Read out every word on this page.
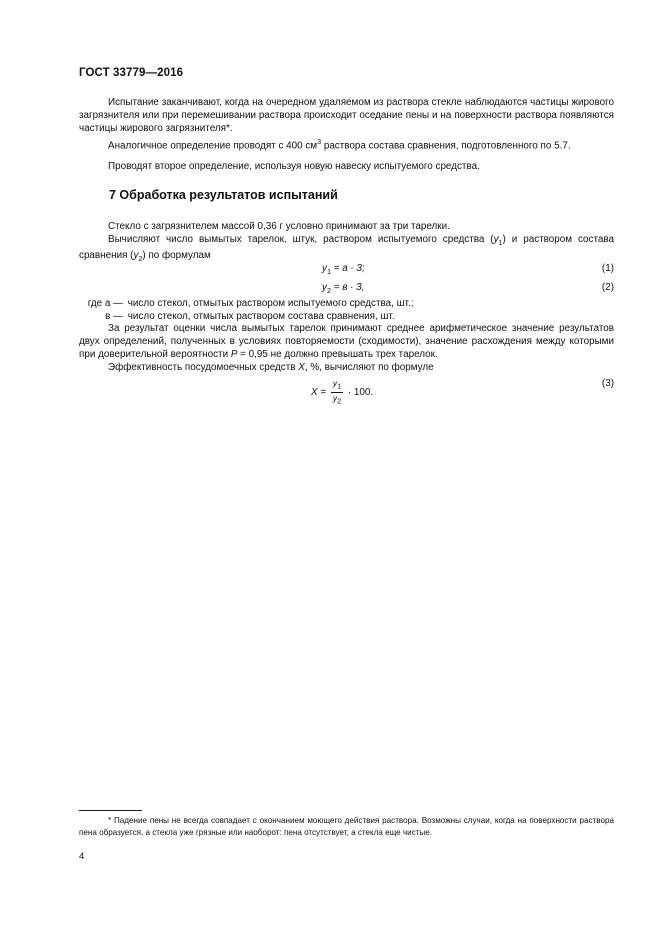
ГОСТ 33779—2016
Испытание заканчивают, когда на очередном удаляемом из раствора стекле наблюдаются частицы жирового загрязнителя или при перемешивании раствора происходит оседание пены и на поверхности раствора появляются частицы жирового загрязнителя*.
Аналогичное определение проводят с 400 $см^3$ раствора состава сравнения, подготовленного по 5.7.
Проводят второе определение, используя новую навеску испытуемого средства.
7 Обработка результатов испытаний
Стекло с загрязнителем массой 0,36 г условно принимают за три тарелки.
Вычисляют число вымытых тарелок, штук, раствором испытуемого средства $(y_1)$ и раствором состава сравнения $(y_2)$ по формулам
$y_1 = a \cdot 3$;	(1)
$y_2 = в \cdot 3$,	(2)
где a — число стекол, отмытых раствором испытуемого средства, шт.;
в — число стекол, отмытых раствором состава сравнения, шт.
За результат оценки числа вымытых тарелок принимают среднее арифметическое значение результатов двух определений, полученных в условиях повторяемости (сходимости), значение расхождения между которыми при доверительной вероятности P = 0,95 не должно превышать трех тарелок.
Эффективность посудомоечных средств X, %, вычисляют по формуле
$X = \frac{y_1}{y_2} \cdot 100$.
(3)
* Падение пены не всегда совпадает с окончанием моющего действия раствора. Возможны случаи, когда на поверхности раствора пена образуется, а стекла уже грязные или наоборот: пена отсутствует, а стекла еще чистые.
4
